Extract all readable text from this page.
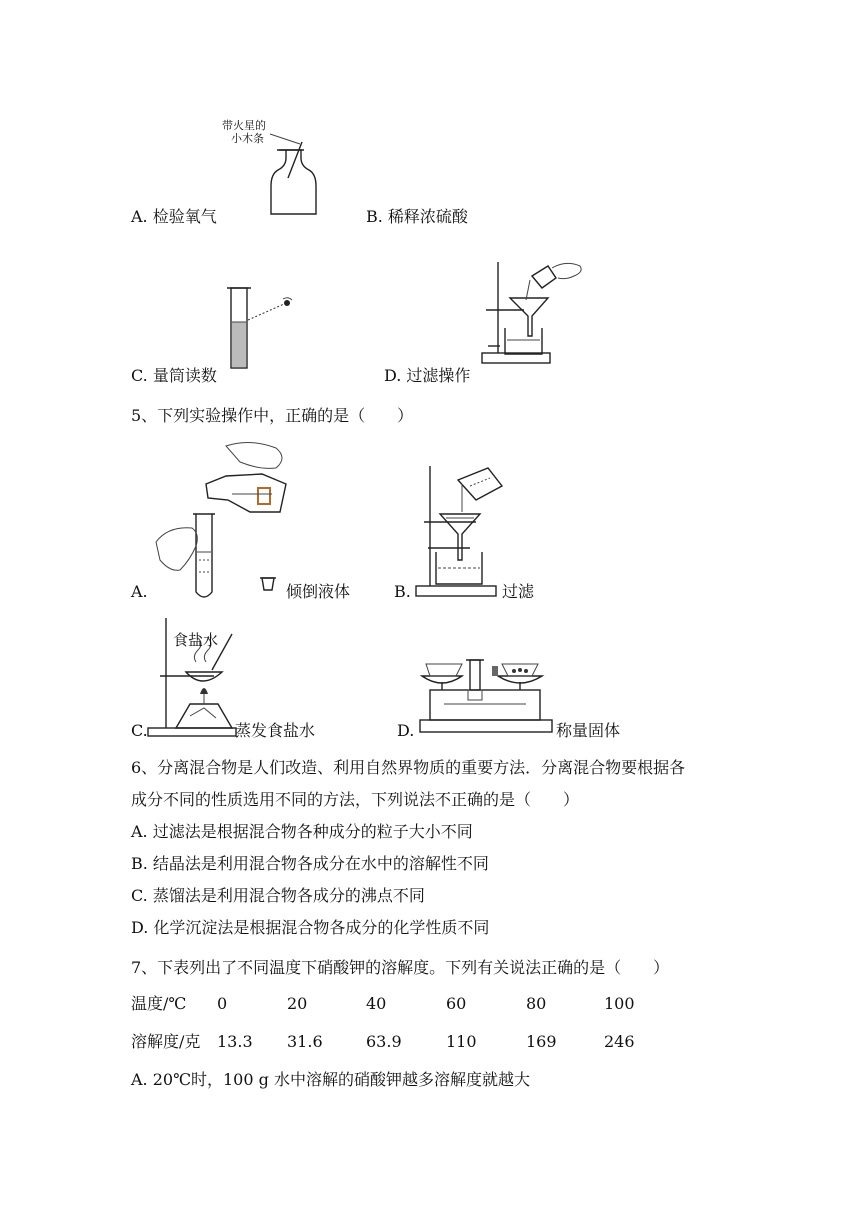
带火星的
小木条
A. 检验氧气	B. 稀释浓硫酸
C. 量筒读数	D. 过滤操作
5、下列实验操作中，正确的是（　　）
A.	倾倒液体	B.	过滤
食盐水
C.	蒸发食盐水	D.	称量固体
6、分离混合物是人们改造、利用自然界物质的重要方法．分离混合物要根据各
成分不同的性质选用不同的方法，下列说法不正确的是（　　）
A. 过滤法是根据混合物各种成分的粒子大小不同
B. 结晶法是利用混合物各成分在水中的溶解性不同
C. 蒸馏法是利用混合物各成分的沸点不同
D. 化学沉淀法是根据混合物各成分的化学性质不同
7、下表列出了不同温度下硝酸钾的溶解度。下列有关说法正确的是（　　）
温度/℃ 0	20	40	60	80	100
溶解度/克 13.3 31.6	63.9	110	169	246
A. 20℃时，100 g 水中溶解的硝酸钾越多溶解度就越大
